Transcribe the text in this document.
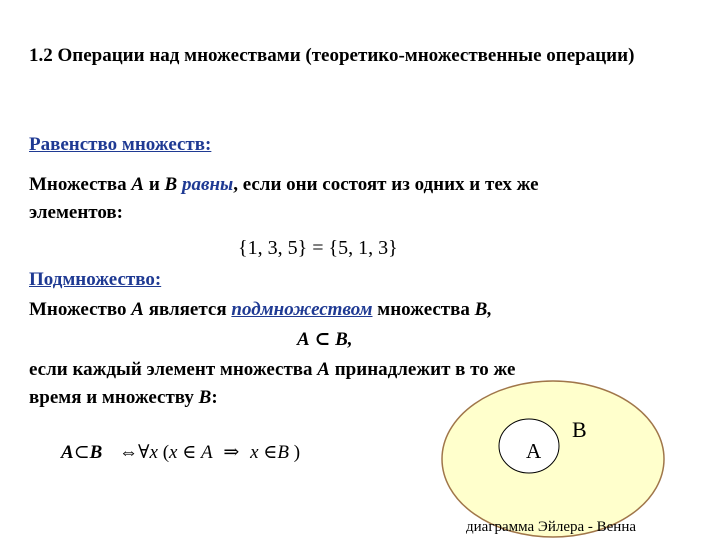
1.2 Операции над множествами (теоретико-множественные операции)
Равенство множеств:
Множества A и B равны, если они состоят из одних и тех же
элементов:
{1, 3, 5} = {5, 1, 3}
Подмножество:
Множество A является подмножеством множества B,
A ⊂ B,
если каждый элемент множества A принадлежит в то же
время и множеству B:
A⊂B ⇔∀x (x ∈ A ⇒ x ∈B )	A
B
диаграмма Эйлера - Венна
